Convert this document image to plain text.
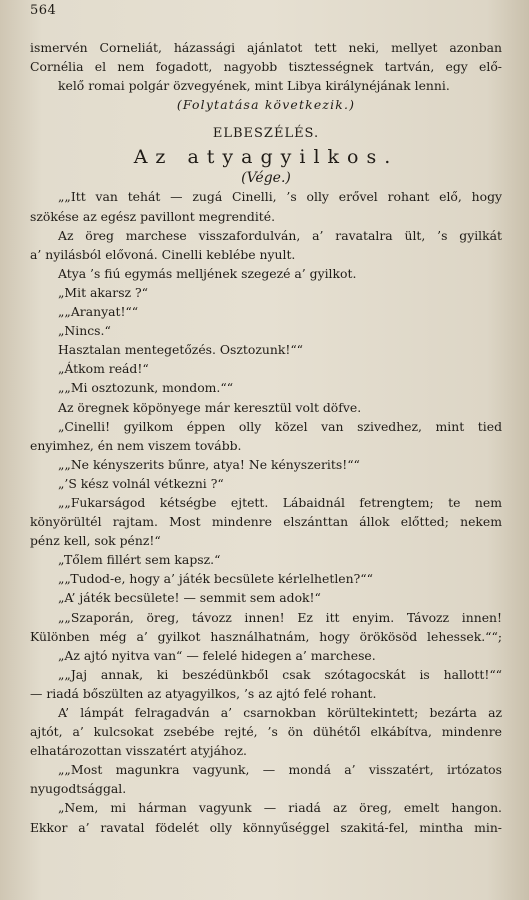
564
ismervén Corneliát, házassági ajánlatot tett neki, mellyet azonban
Cornélia el nem fogadott, nagyobb tisztességnek tartván, egy elő-
kelő romai polgár özvegyének, mint Libya királynéjának lenni.
(Folytatása következik.)
ELBESZÉLÉS.
Az atyagyilkos.
(Vége.)
„„Itt van tehát — zugá Cinelli, ’s olly erővel rohant elő, hogy
szökése az egész pavillont megrendité.
Az öreg marchese visszafordulván, a’ ravatalra ült, ’s gyilkát
a’ nyilásból elővoná. Cinelli keblébe nyult.
Atya ’s fiú egymás melljének szegezé a’ gyilkot.
„Mit akarsz ?“
„„Aranyat!““
„Nincs.“
Hasztalan mentegetőzés. Osztozunk!““
„Átkom reád!“
„„Mi osztozunk, mondom.““
Az öregnek köpönyege már keresztül volt döfve.
„Cinelli! gyilkom éppen olly közel van szivedhez, mint tied
enyimhez, én nem viszem tovább.
„„Ne kényszerits bűnre, atya! Ne kényszerits!““
„’S kész volnál vétkezni ?“
„„Fukarságod kétségbe ejtett. Lábaidnál fetrengtem; te nem
könyörültél rajtam. Most mindenre elszánttan állok előtted; nekem
pénz kell, sok pénz!“
„Tőlem fillért sem kapsz.“
„„Tudod-e, hogy a’ játék becsülete kérlelhetlen?““
„A’ játék becsülete! — semmit sem adok!“
„„Szaporán, öreg, távozz innen! Ez itt enyim. Távozz innen!
Különben még a’ gyilkot használhatnám, hogy örökösöd lehessek.““;
„Az ajtó nyitva van“ — felelé hidegen a’ marchese.
„„Jaj annak, ki beszédünkből csak szótagocskát is hallott!““
— riadá bőszülten az atyagyilkos, ’s az ajtó felé rohant.
A’ lámpát felragadván a’ csarnokban körültekintett; bezárta az
ajtót, a’ kulcsokat zsebébe rejté, ’s ön dühétől elkábítva, mindenre
elhatározottan visszatért atyjához.
„„Most magunkra vagyunk, — mondá a’ visszatért, irtózatos
nyugodtsággal.
„Nem, mi hárman vagyunk — riadá az öreg, emelt hangon.
Ekkor a’ ravatal födelét olly könnyűséggel szakitá-fel, mintha min-
